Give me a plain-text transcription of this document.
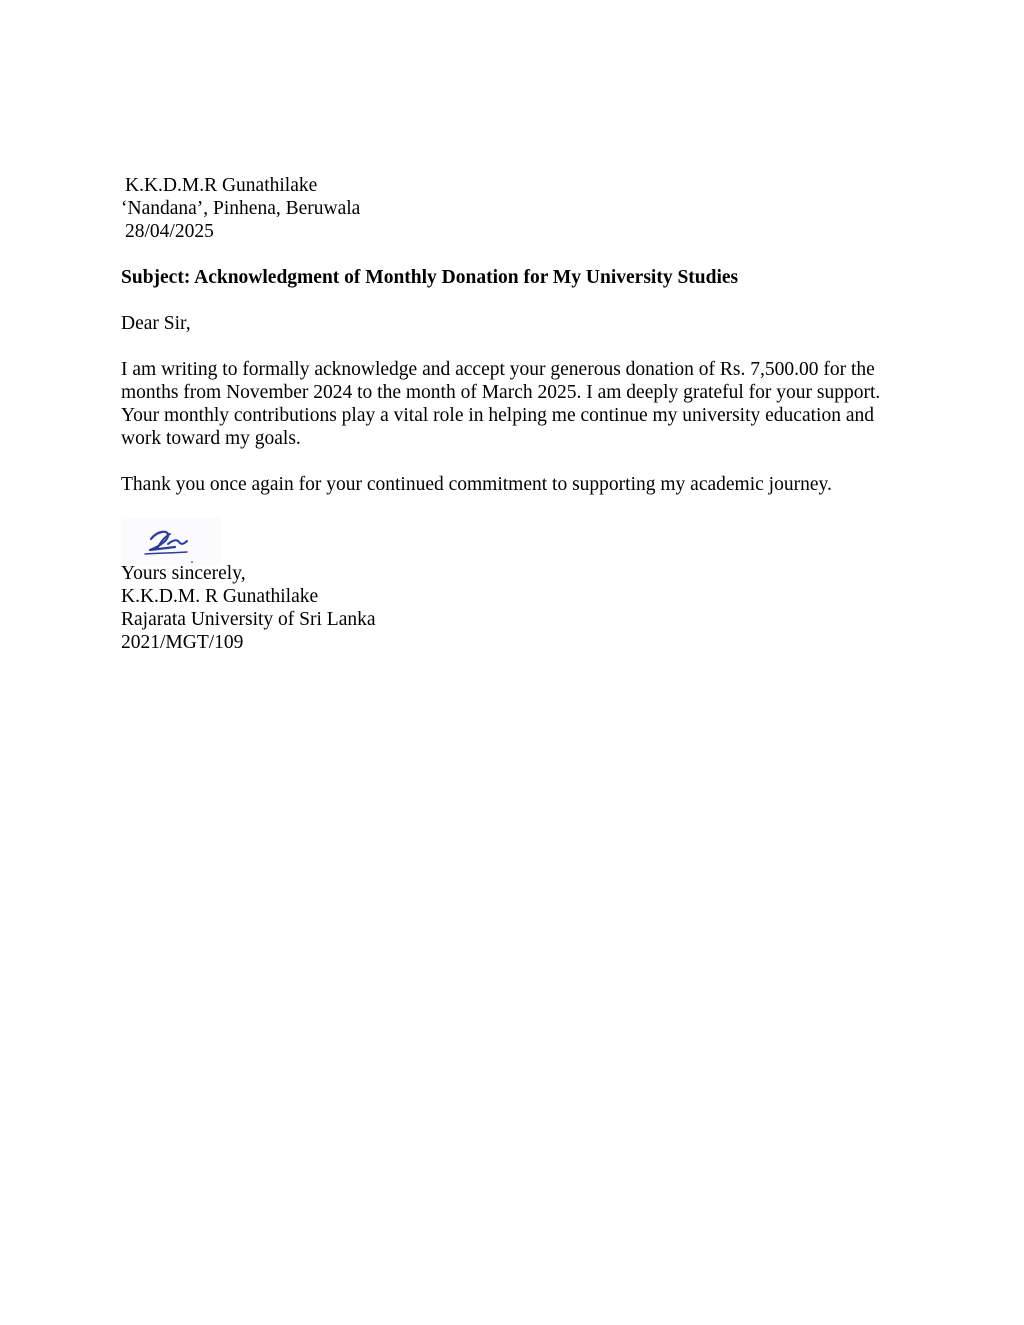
K.K.D.M.R Gunathilake
‘Nandana’, Pinhena, Beruwala
28/04/2025
Subject: Acknowledgment of Monthly Donation for My University Studies
Dear Sir,

I am writing to formally acknowledge and accept your generous donation of Rs. 7,500.00 for the months from November 2024 to the month of March 2025. I am deeply grateful for your support. Your monthly contributions play a vital role in helping me continue my university education and work toward my goals.

Thank you once again for your continued commitment to supporting my academic journey.

Yours sincerely,
K.K.D.M. R Gunathilake
Rajarata University of Sri Lanka
2021/MGT/109
